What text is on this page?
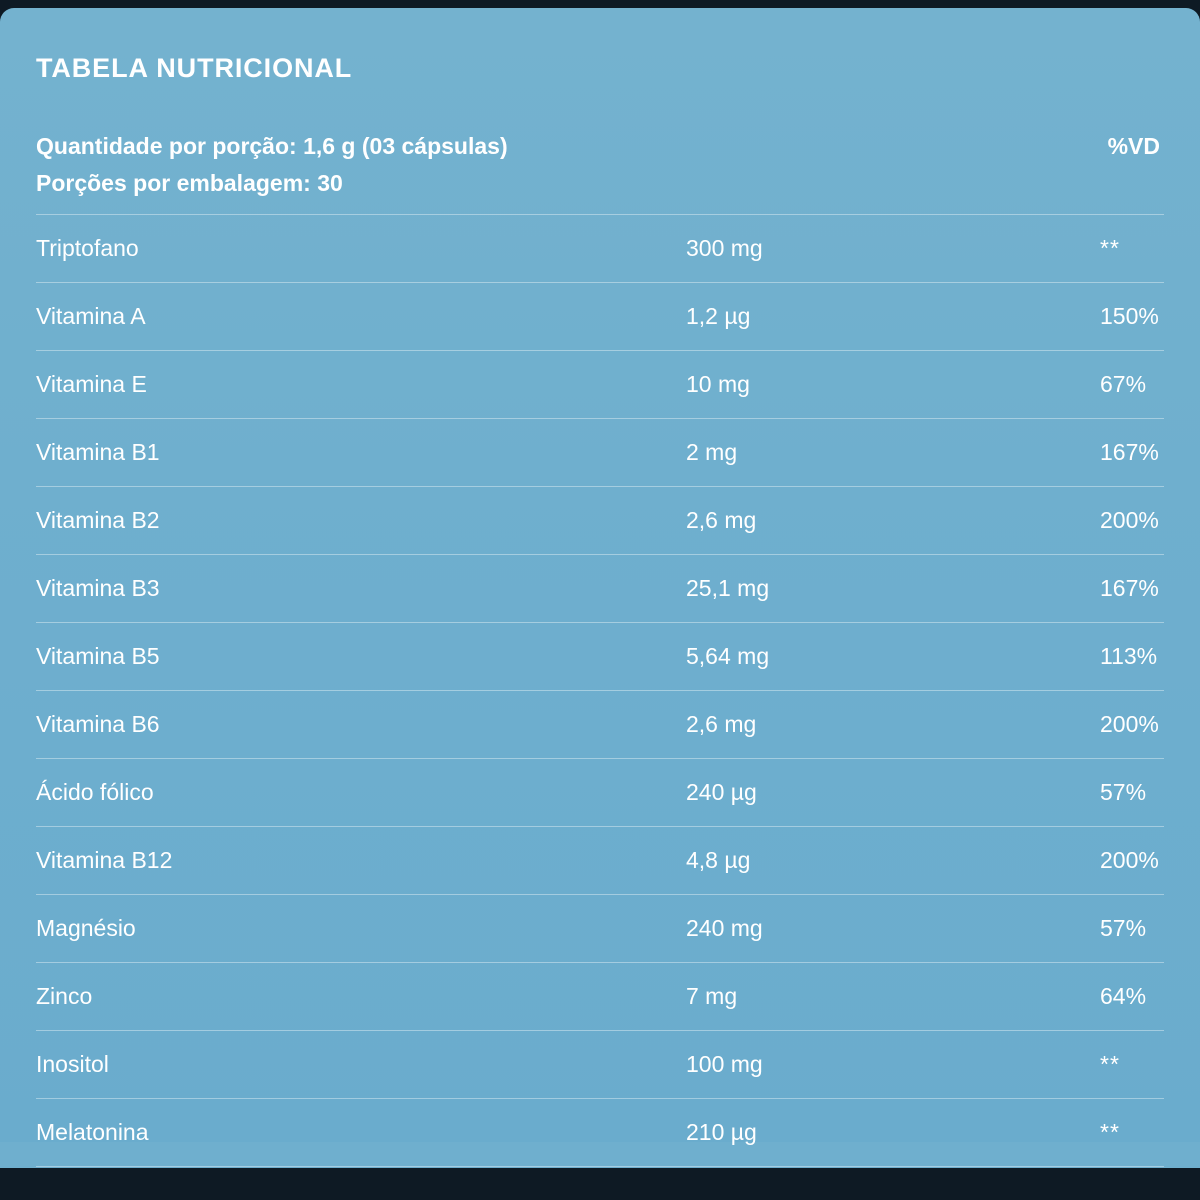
TABELA NUTRICIONAL
Quantidade por porção: 1,6 g (03 cápsulas)	%VD
Porções por embalagem: 30
Triptofano	300 mg	**
Vitamina A	1,2 µg	150%
Vitamina E	10 mg	67%
Vitamina B1	2 mg	167%
Vitamina B2	2,6 mg	200%
Vitamina B3	25,1 mg	167%
Vitamina B5	5,64 mg	113%
Vitamina B6	2,6 mg	200%
Ácido fólico	240 µg	57%
Vitamina B12	4,8 µg	200%
Magnésio	240 mg	57%
Zinco	7 mg	64%
Inositol	100 mg	**
Melatonina	210 µg	**
